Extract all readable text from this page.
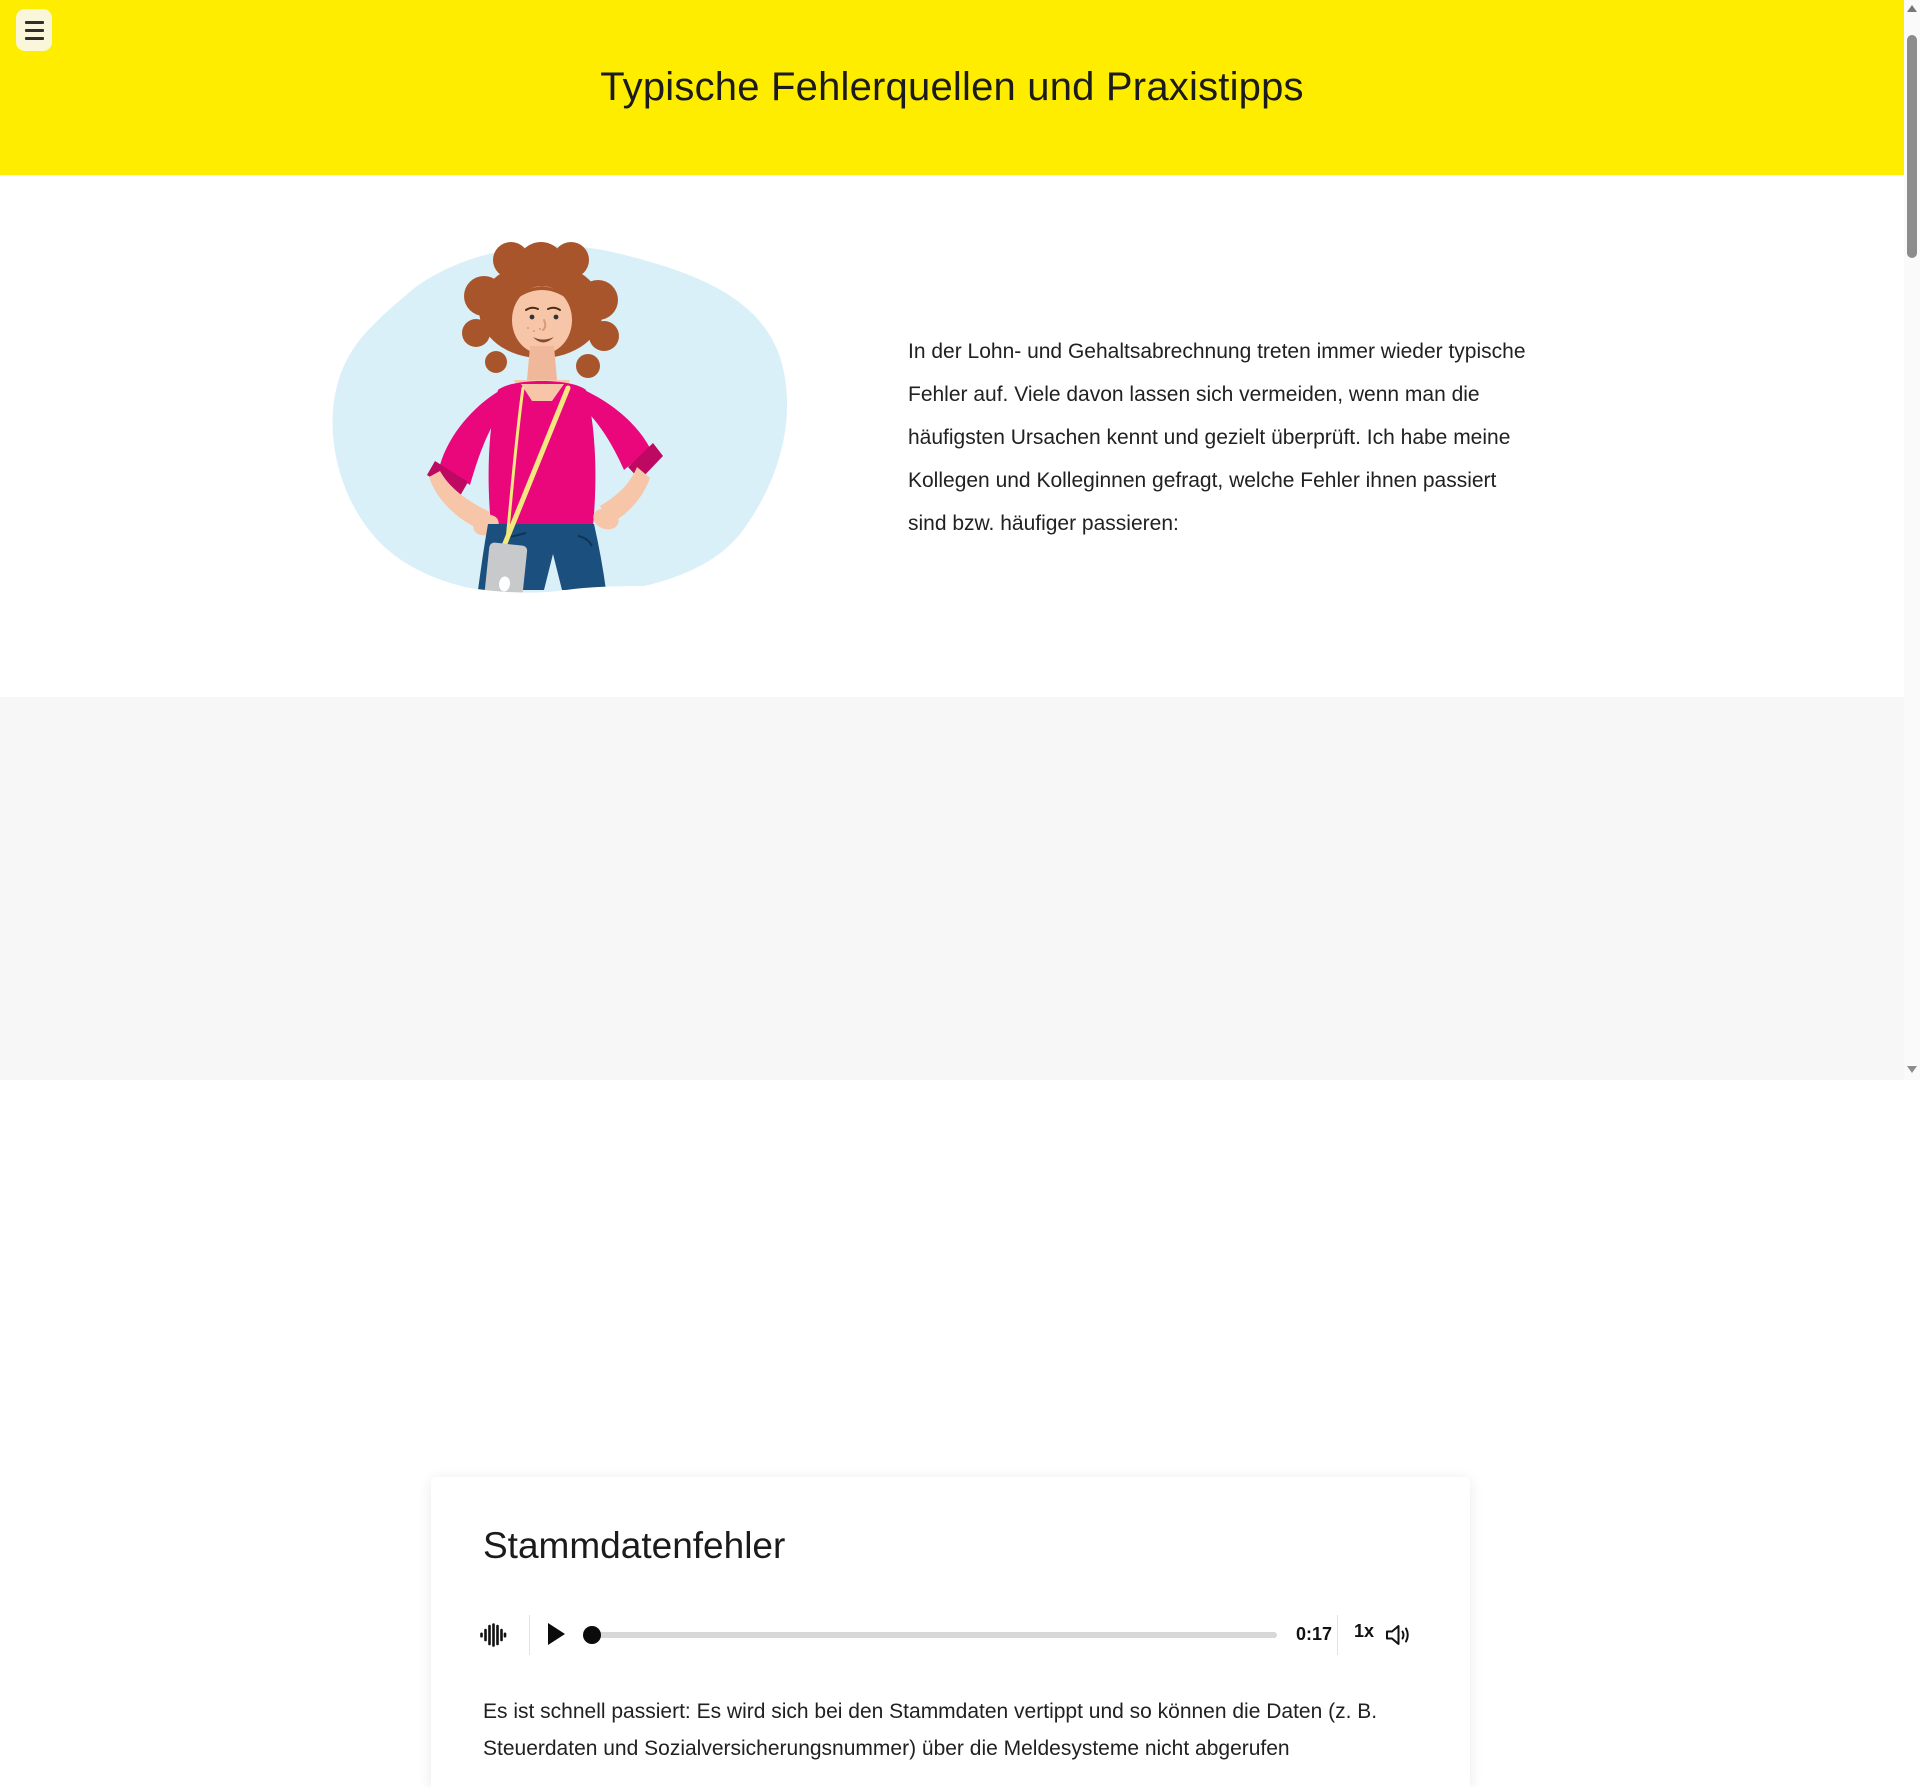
Typische Fehlerquellen und Praxistipps
In der Lohn- und Gehaltsabrechnung treten immer wieder typische Fehler auf. Viele davon lassen sich vermeiden, wenn man die häufigsten Ursachen kennt und gezielt überprüft. Ich habe meine Kollegen und Kolleginnen gefragt, welche Fehler ihnen passiert sind bzw. häufiger passieren:
Stammdatenfehler
0:17	1x
Es ist schnell passiert: Es wird sich bei den Stammdaten vertippt und so können die Daten (z. B. Steuerdaten und Sozialversicherungsnummer) über die Meldesysteme nicht abgerufen
